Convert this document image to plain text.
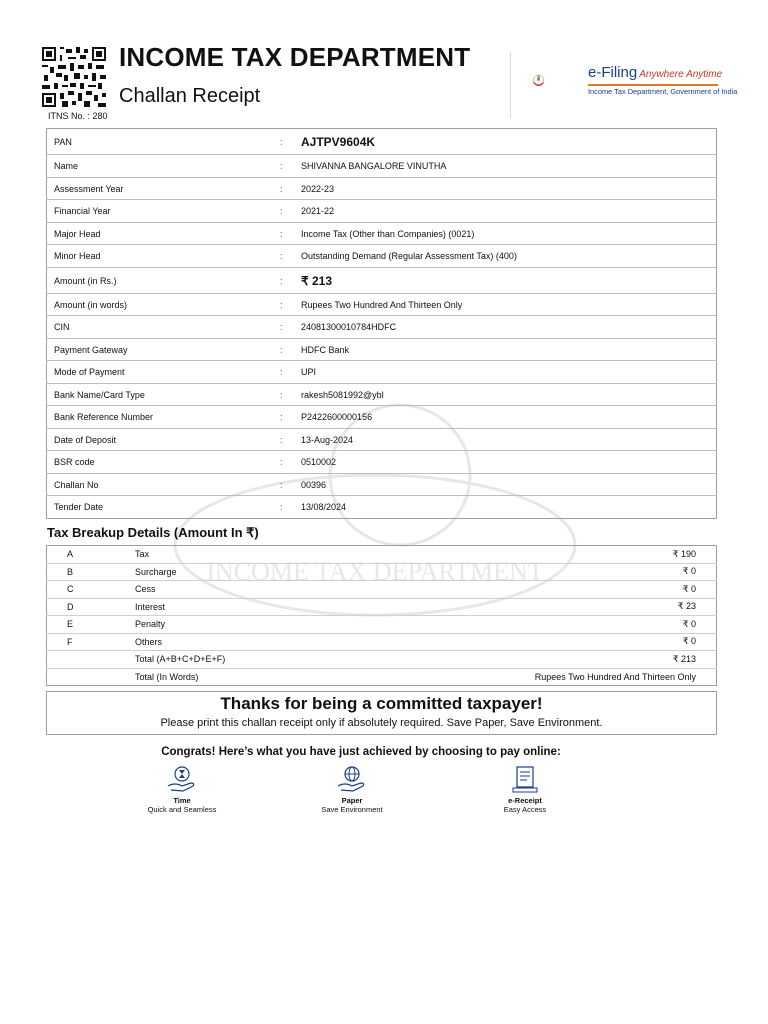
ITNS No. : 280
INCOME TAX DEPARTMENT
Challan Receipt
e-Filing Anywhere Anytime
Income Tax Department, Government of India
INCOME TAX DEPARTMENT
PAN	:	AJTPV9604K
Name	:	SHIVANNA BANGALORE VINUTHA
Assessment Year	:	2022-23
Financial Year	:	2021-22
Major Head	:	Income Tax (Other than Companies) (0021)
Minor Head	:	Outstanding Demand (Regular Assessment Tax) (400)
Amount (in Rs.)	:	₹ 213
Amount (in words)	:	Rupees Two Hundred And Thirteen Only
CIN	:	24081300010784HDFC
Payment Gateway	:	HDFC Bank
Mode of Payment	:	UPI
Bank Name/Card Type	:	rakesh5081992@ybl
Bank Reference Number	:	P2422600000156
Date of Deposit	:	13-Aug-2024
BSR code	:	0510002
Challan No	:	00396
Tender Date	:	13/08/2024
Tax Breakup Details (Amount In ₹)
A	Tax	₹ 190
B	Surcharge	₹ 0
C	Cess	₹ 0
D	Interest	₹ 23
E	Penalty	₹ 0
F	Others	₹ 0
	Total (A+B+C+D+E+F)	₹ 213
	Total (In Words)	Rupees Two Hundred And Thirteen Only
Thanks for being a committed taxpayer!
Please print this challan receipt only if absolutely required. Save Paper, Save Environment.
Congrats! Here’s what you have just achieved by choosing to pay online:
Time
Quick and Seamless
Paper
Save Environment
e-Receipt
Easy Access
